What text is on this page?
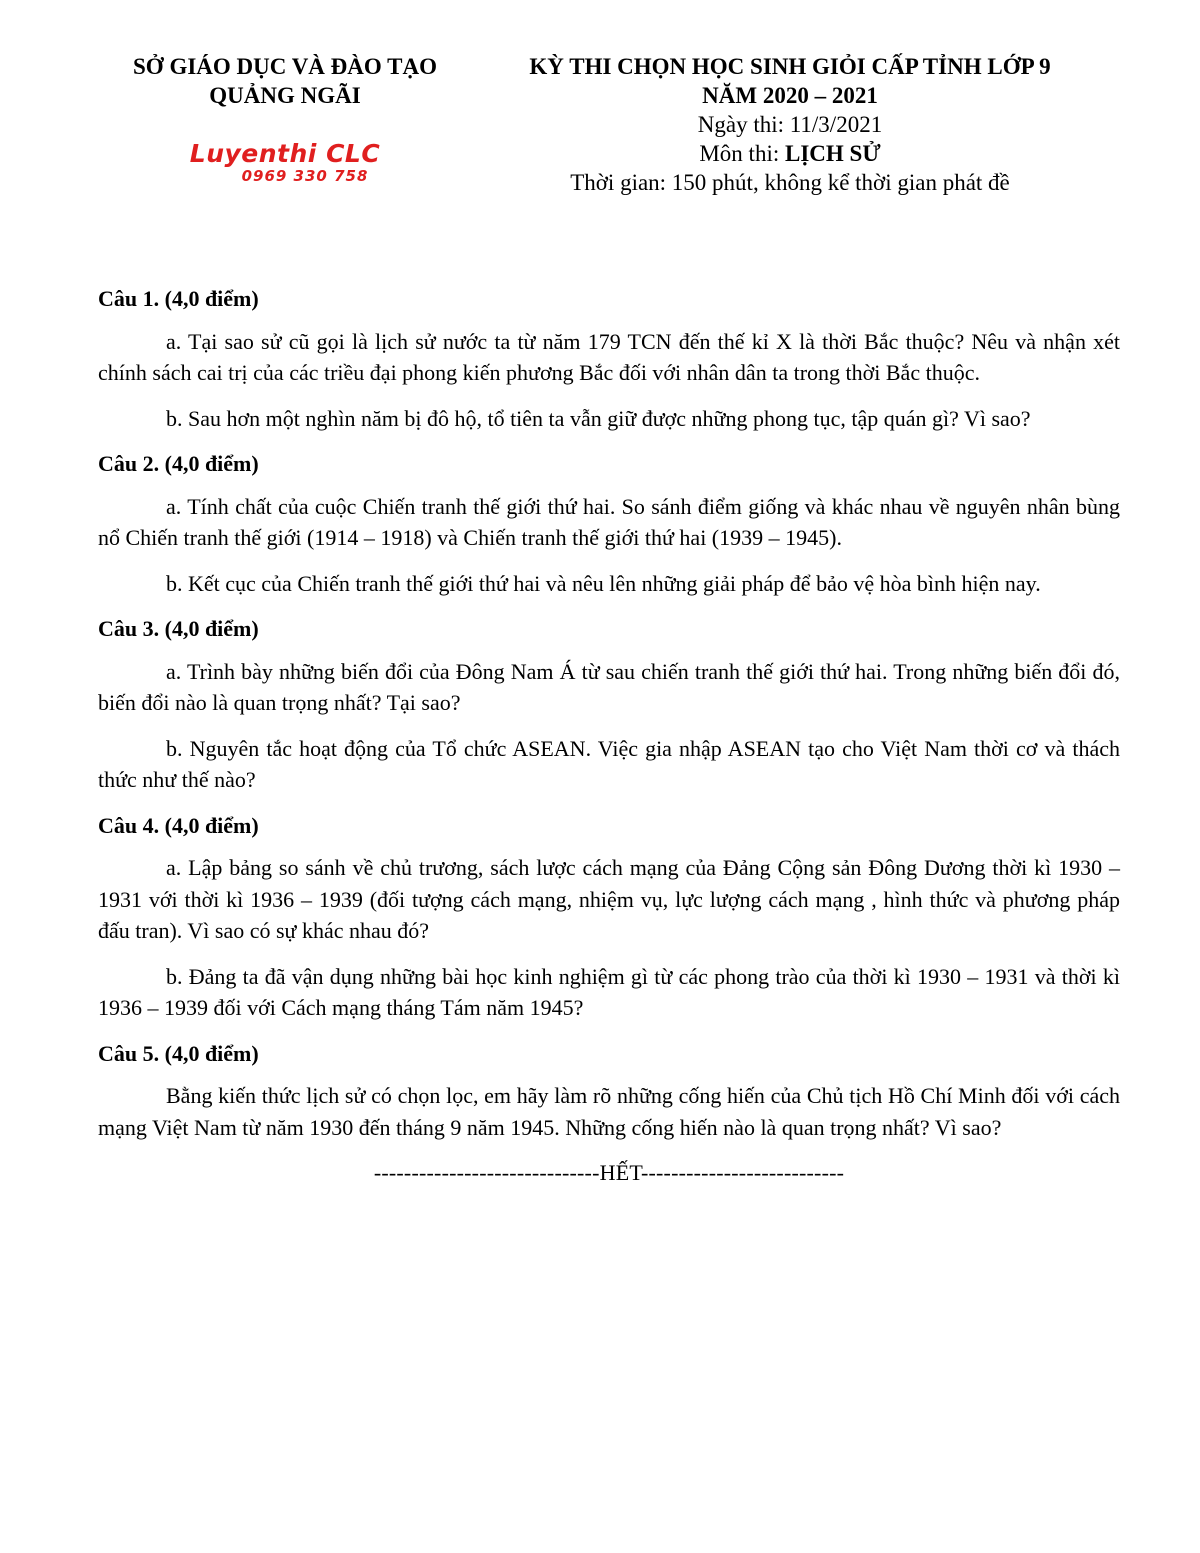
SỞ GIÁO DỤC VÀ ĐÀO TẠO
QUẢNG NGÃI
Luyenthi CLC
0969 330 758
KỲ THI CHỌN HỌC SINH GIỎI CẤP TỈNH LỚP 9
NĂM 2020 – 2021
Ngày thi: 11/3/2021
Môn thi: LỊCH SỬ
Thời gian: 150 phút, không kể thời gian phát đề
Câu 1. (4,0 điểm)
a. Tại sao sử cũ gọi là lịch sử nước ta từ năm 179 TCN đến thế kỉ X là thời Bắc thuộc? Nêu và nhận xét chính sách cai trị của các triều đại phong kiến phương Bắc đối với nhân dân ta trong thời Bắc thuộc.
b. Sau hơn một nghìn năm bị đô hộ, tổ tiên ta vẫn giữ được những phong tục, tập quán gì? Vì sao?
Câu 2. (4,0 điểm)
a. Tính chất của cuộc Chiến tranh thế giới thứ hai. So sánh điểm giống và khác nhau về nguyên nhân bùng nổ Chiến tranh thế giới (1914 – 1918) và Chiến tranh thế giới thứ hai (1939 – 1945).
b. Kết cục của Chiến tranh thế giới thứ hai và nêu lên những giải pháp để bảo vệ hòa bình hiện nay.
Câu 3. (4,0 điểm)
a. Trình bày những biến đổi của Đông Nam Á từ sau chiến tranh thế giới thứ hai. Trong những biến đổi đó, biến đổi nào là quan trọng nhất? Tại sao?
b. Nguyên tắc hoạt động của Tổ chức ASEAN. Việc gia nhập ASEAN tạo cho Việt Nam thời cơ và thách thức như thế nào?
Câu 4. (4,0 điểm)
a. Lập bảng so sánh về chủ trương, sách lược cách mạng của Đảng Cộng sản Đông Dương thời kì 1930 – 1931 với thời kì 1936 – 1939 (đối tượng cách mạng, nhiệm vụ, lực lượng cách mạng , hình thức và phương pháp đấu tran). Vì sao có sự khác nhau đó?
b. Đảng ta đã vận dụng những bài học kinh nghiệm gì từ các phong trào của thời kì 1930 – 1931 và thời kì 1936 – 1939 đối với Cách mạng tháng Tám năm 1945?
Câu 5. (4,0 điểm)
Bằng kiến thức lịch sử có chọn lọc, em hãy làm rõ những cống hiến của Chủ tịch Hồ Chí Minh đối với cách mạng Việt Nam từ năm 1930 đến tháng 9 năm 1945. Những cống hiến nào là quan trọng nhất? Vì sao?
------------------------------HẾT---------------------------
